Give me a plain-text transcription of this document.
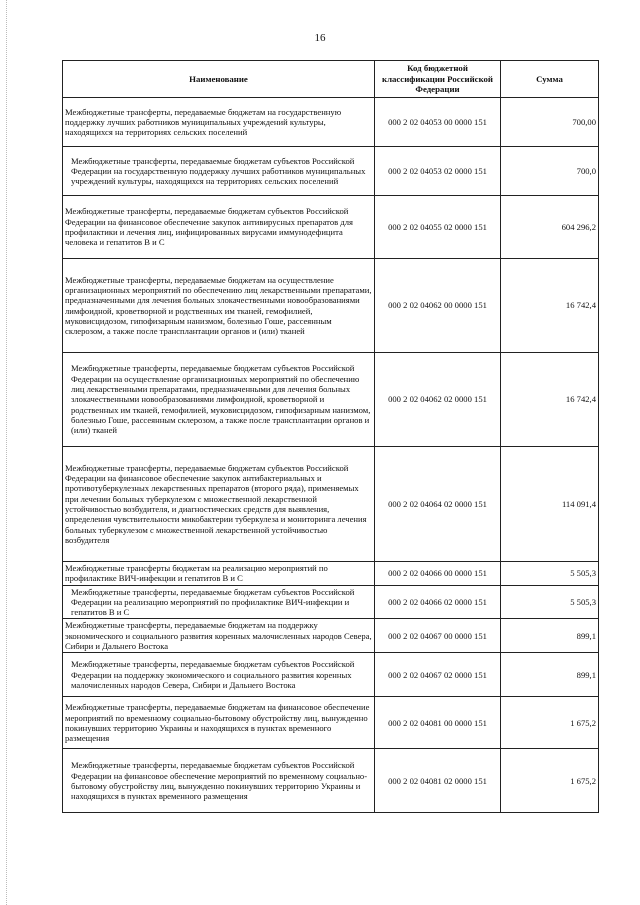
16
Наименование	Код бюджетной классификации Российской Федерации	Сумма
Межбюджетные трансферты, передаваемые бюджетам на государственную поддержку лучших работников муниципальных учреждений культуры, находящихся на территориях сельских поселений	000 2 02 04053 00 0000 151	700,00
Межбюджетные трансферты, передаваемые бюджетам субъектов Российской Федерации на государственную поддержку лучших работников муниципальных учреждений культуры, находящихся на территориях сельских поселений	000 2 02 04053 02 0000 151	700,0
Межбюджетные трансферты, передаваемые бюджетам субъектов Российской Федерации на финансовое обеспечение закупок антивирусных препаратов для профилактики и лечения лиц, инфицированных вирусами иммунодефицита человека и гепатитов В и С	000 2 02 04055 02 0000 151	604 296,2
Межбюджетные трансферты, передаваемые бюджетам на осуществление организационных мероприятий по обеспечению лиц лекарственными препаратами, предназначенными для лечения больных злокачественными новообразованиями лимфоидной, кроветворной и родственных им тканей, гемофилией, муковисцидозом, гипофизарным нанизмом, болезнью Гоше, рассеянным склерозом, а также после трансплантации органов и (или) тканей	000 2 02 04062 00 0000 151	16 742,4
Межбюджетные трансферты, передаваемые бюджетам субъектов Российской Федерации на осуществление организационных мероприятий по обеспечению лиц лекарственными препаратами, предназначенными для лечения больных злокачественными новообразованиями лимфоидной, кроветворной и родственных им тканей, гемофилией, муковисцидозом, гипофизарным нанизмом, болезнью Гоше, рассеянным склерозом, а также после трансплантации органов и (или) тканей	000 2 02 04062 02 0000 151	16 742,4
Межбюджетные трансферты, передаваемые бюджетам субъектов Российской Федерации на финансовое обеспечение закупок антибактериальных и противотуберкулезных лекарственных препаратов (второго ряда), применяемых при лечении больных туберкулезом с множественной лекарственной устойчивостью возбудителя, и диагностических средств для выявления, определения чувствительности микобактерии туберкулеза и мониторинга лечения больных туберкулезом с множественной лекарственной устойчивостью возбудителя	000 2 02 04064 02 0000 151	114 091,4
Межбюджетные трансферты бюджетам на реализацию мероприятий по профилактике ВИЧ-инфекции и гепатитов В и С	000 2 02 04066 00 0000 151	5 505,3
Межбюджетные трансферты, передаваемые бюджетам субъектов Российской Федерации на реализацию мероприятий по профилактике ВИЧ-инфекции и гепатитов В и С	000 2 02 04066 02 0000 151	5 505,3
Межбюджетные трансферты, передаваемые бюджетам на поддержку экономического и социального развития коренных малочисленных народов Севера, Сибири и Дальнего Востока	000 2 02 04067 00 0000 151	899,1
Межбюджетные трансферты, передаваемые бюджетам субъектов Российской Федерации на поддержку экономического и социального развития коренных малочисленных народов Севера, Сибири и Дальнего Востока	000 2 02 04067 02 0000 151	899,1
Межбюджетные трансферты, передаваемые бюджетам на финансовое обеспечение мероприятий по временному социально-бытовому обустройству лиц, вынужденно покинувших территорию Украины и находящихся в пунктах временного размещения	000 2 02 04081 00 0000 151	1 675,2
Межбюджетные трансферты, передаваемые бюджетам субъектов Российской Федерации на финансовое обеспечение мероприятий по временному социально-бытовому обустройству лиц, вынужденно покинувших территорию Украины и находящихся в пунктах временного размещения	000 2 02 04081 02 0000 151	1 675,2
